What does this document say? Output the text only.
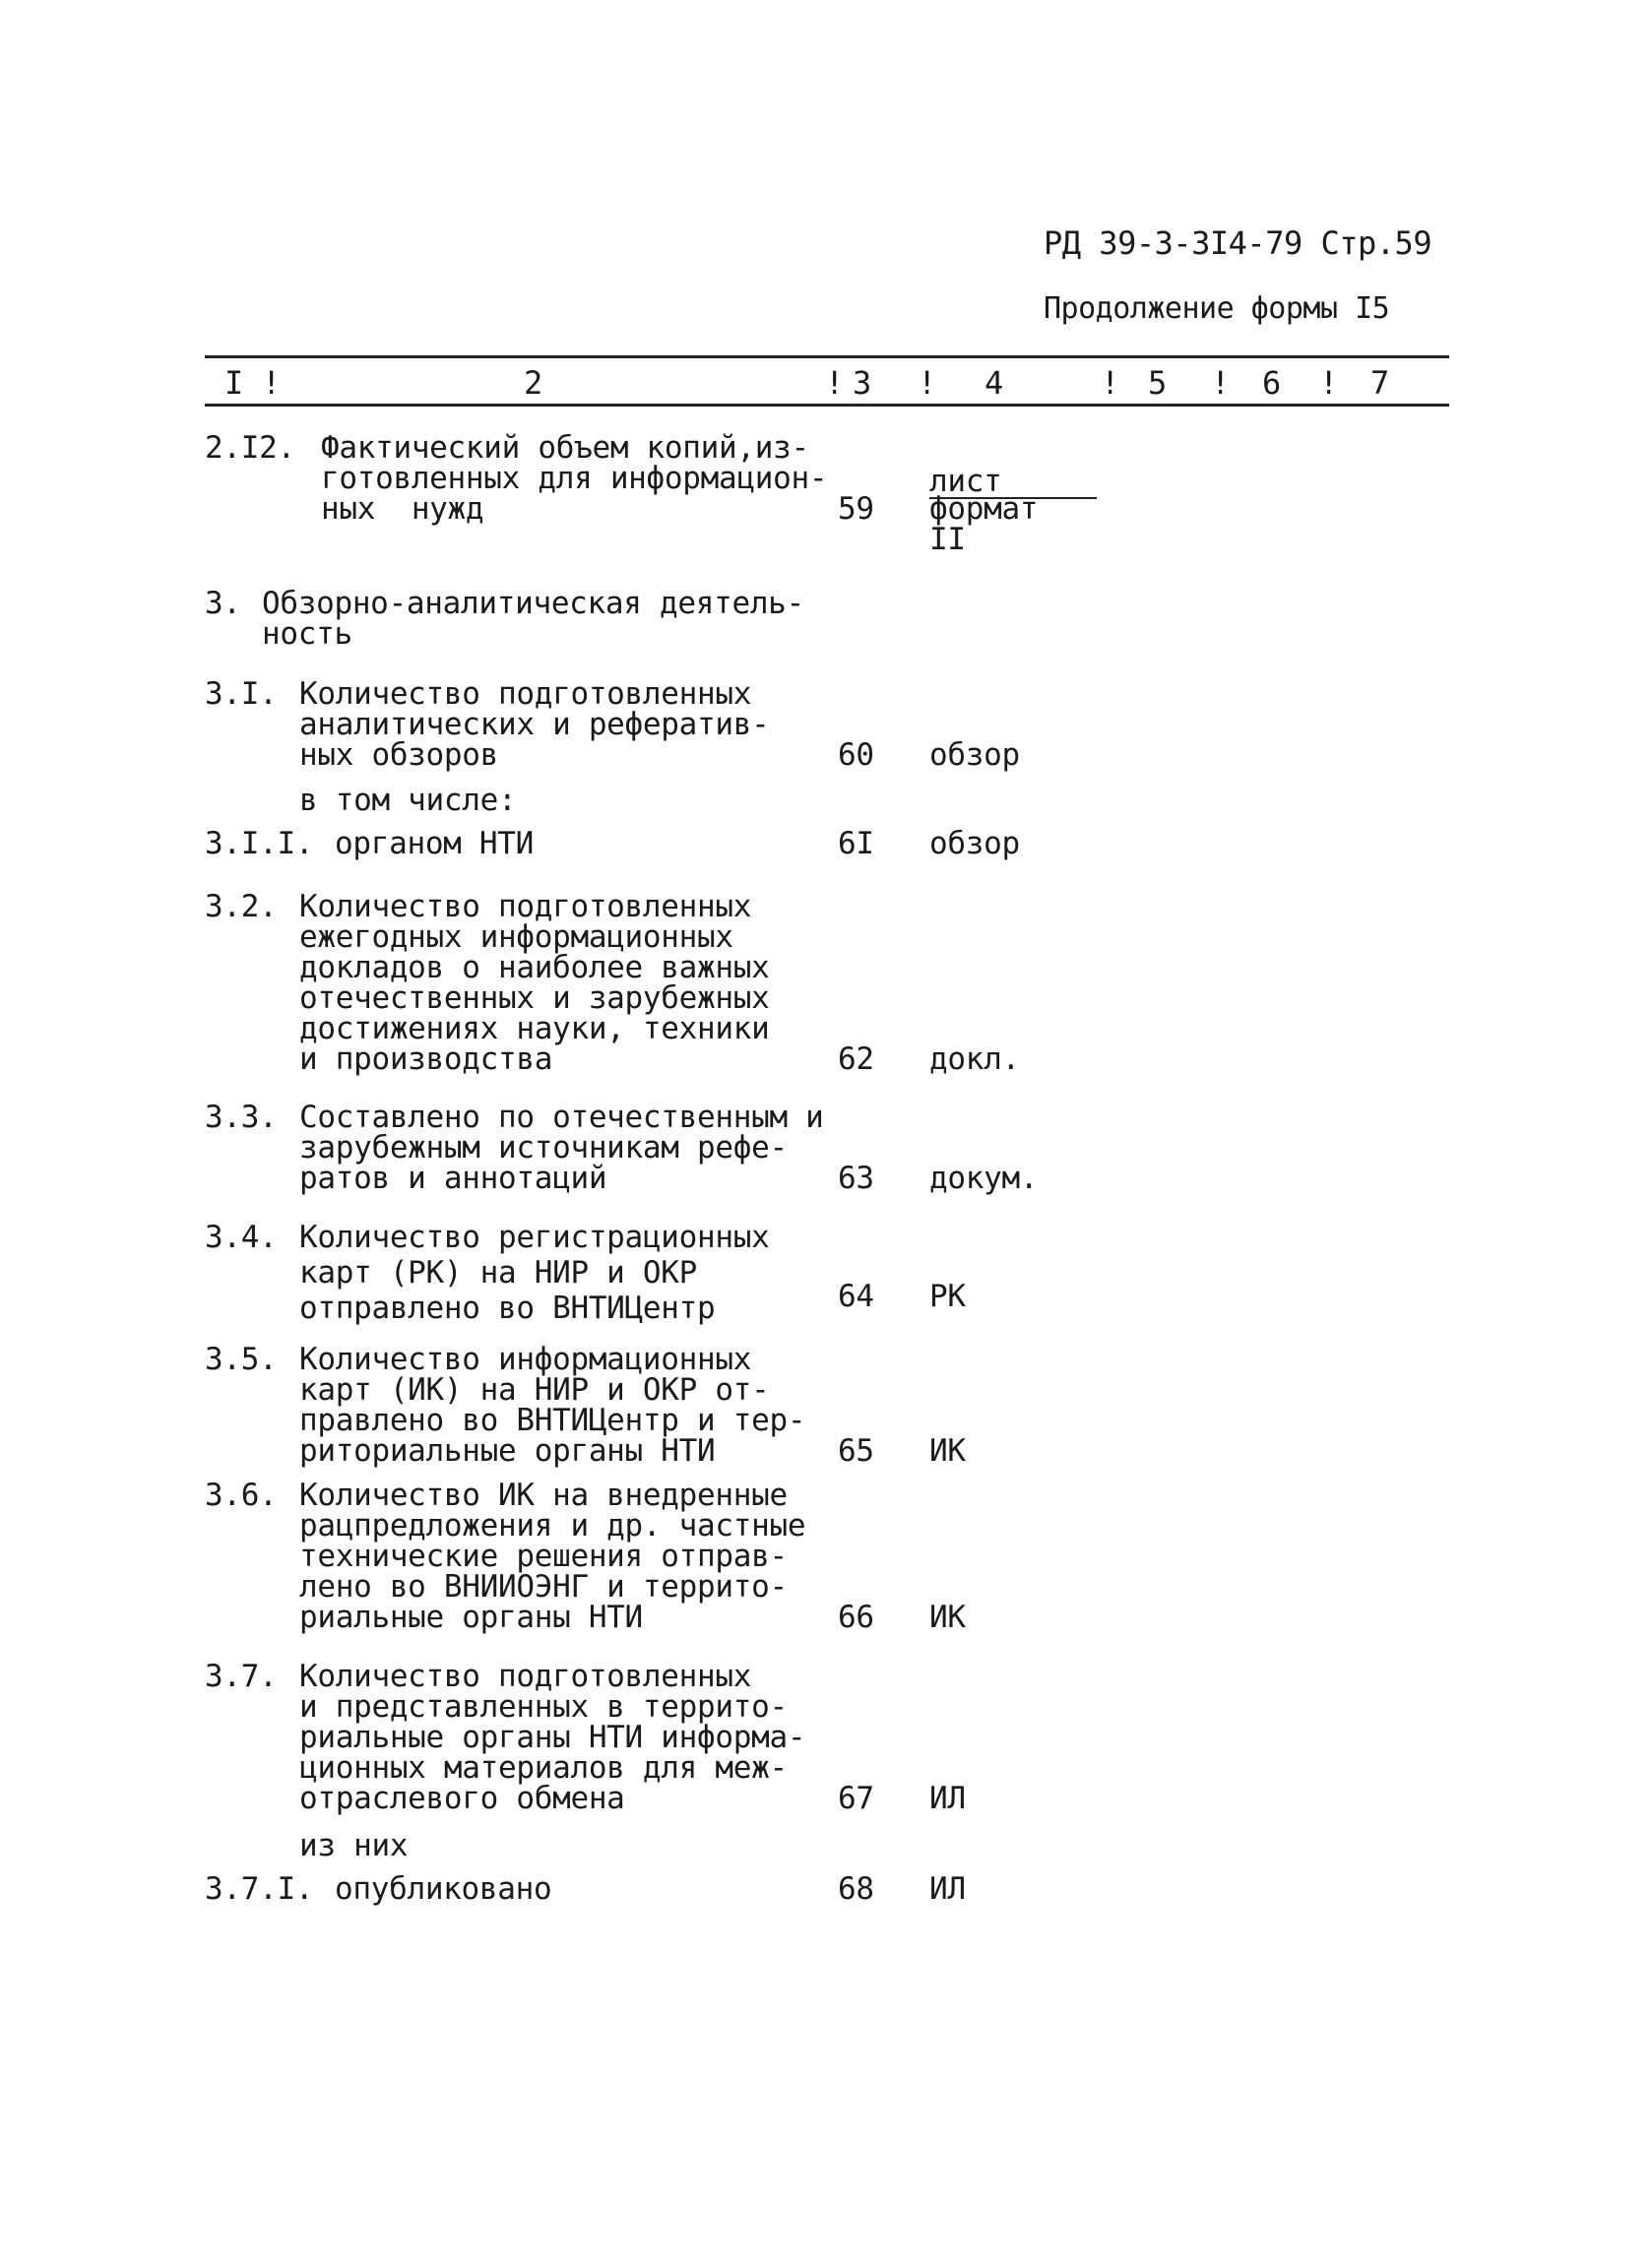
РД 39-3-3I4-79 Стр.59
Продолжение формы I5
I !	2	! 3 ! 4	! 5 ! 6 ! 7
2.I2. Фактический объем копий,из-
готовленных для информацион-
ных  нужд	59
лист
формат II
3. Обзорно-аналитическая деятель-
ность
3.I. Количество подготовленных
аналитических и рефератив-
ных обзоров	60 обзор
в том числе:
3.I.I. органом НТИ	6I обзор
3.2. Количество подготовленных
ежегодных информационных
докладов о наиболее важных
отечественных и зарубежных
достижениях науки, техники
и производства	62 докл.
3.3. Составлено по отечественным и
зарубежным источникам рефе-
ратов и аннотаций	63 докум.
3.4. Количество регистрационных
карт (РК) на НИР и ОКР
отправлено во ВНТИЦентр	64 РК
3.5. Количество информационных
карт (ИК) на НИР и ОКР от-
правлено во ВНТИЦентр и тер-
риториальные органы НТИ	65 ИК
3.6. Количество ИК на внедренные
рацпредложения и др. частные
технические решения отправ-
лено во ВНИИОЭНГ и террито-
риальные органы НТИ	66 ИК
3.7. Количество подготовленных
и представленных в террито-
риальные органы НТИ информа-
ционных материалов для меж-
отраслевого обмена	67 ИЛ
из них
3.7.I. опубликовано	68 ИЛ
